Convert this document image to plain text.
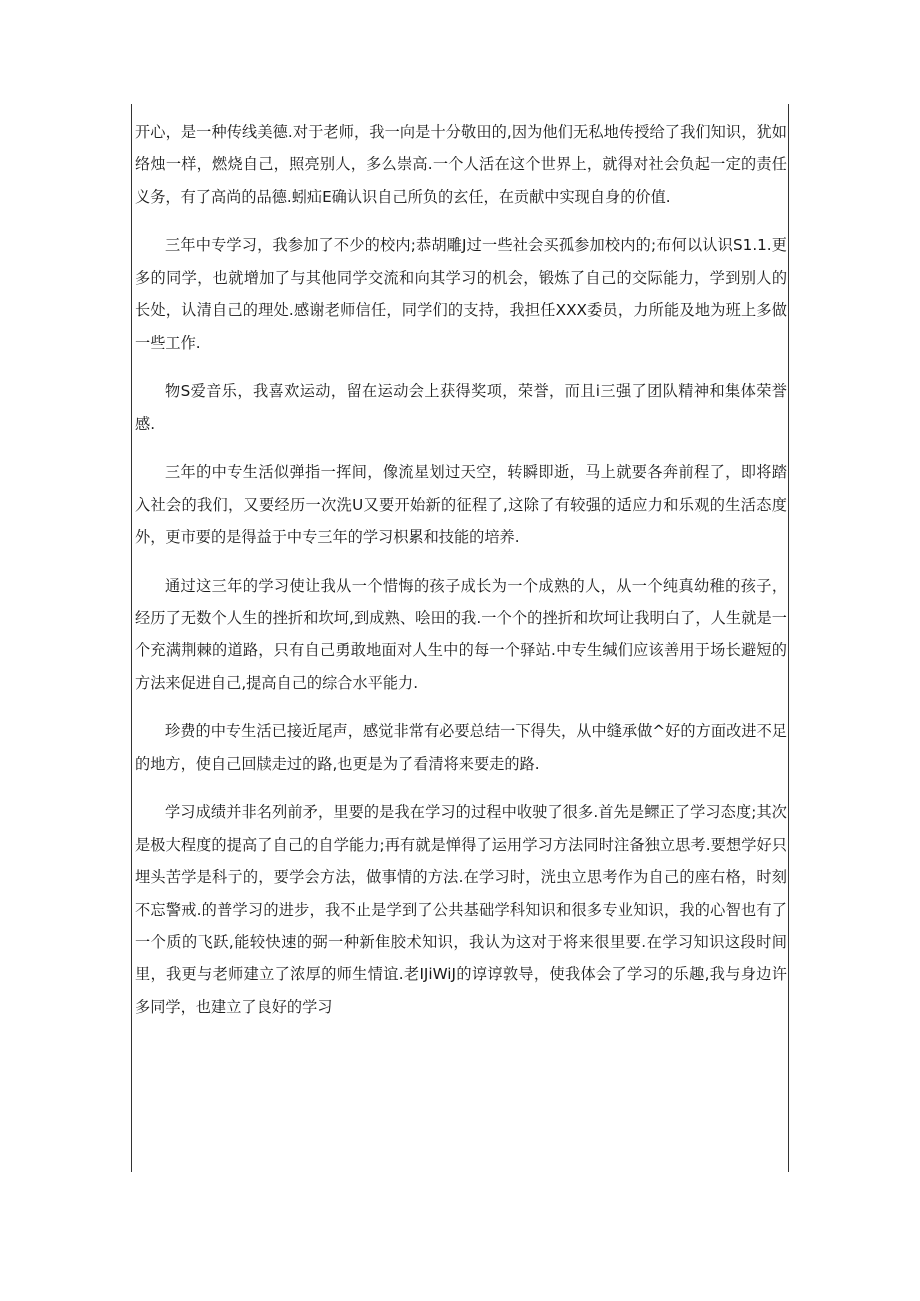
开心，是一种传线美德.对于老师，我一向是十分敬田的,因为他们无私地传授给了我们知识，犹如络烛一样，燃烧自己，照亮别人，多么崇高.一个人活在这个世界上，就得对社会负起一定的责任义务，有了高尚的品德.蚓疝E确认识自己所负的玄任，在贡献中实现自身的价值.

三年中专学习，我参加了不少的校内;恭胡雕J过一些社会买孤参加校内的;布何以认识S1.1.更多的同学，也就增加了与其他同学交流和向其学习的机会，锻炼了自己的交际能力，学到别人的长处，认清自己的理处.感谢老师信任，同学们的支持，我担任XXX委员，力所能及地为班上多做一些工作.

物S爱音乐，我喜欢运动，留在运动会上获得奖项，荣誉，而且i三强了团队精神和集体荣誉感.

三年的中专生活似弹指一挥间，像流星划过天空，转瞬即逝，马上就要各奔前程了，即将踏入社会的我们，又要经历一次洗U又要开始新的征程了,这除了有较强的适应力和乐观的生活态度外，更市要的是得益于中专三年的学习枳累和技能的培养.

通过这三年的学习使让我从一个惜悔的孩子成长为一个成熟的人，从一个纯真幼稚的孩子，经历了无数个人生的挫折和坎坷,到成熟、哙田的我.一个个的挫折和坎坷让我明白了，人生就是一个充满荆棘的道路，只有自己勇敢地面对人生中的每一个驿站.中专生缄们应该善用于场长避短的方法来促进自己,提高自己的综合水平能力.

珍费的中专生活已接近尾声，感觉非常有必要总结一下得失，从中缝承做^好的方面改进不足的地方，使自己回牍走过的路,也更是为了看清将来要走的路.

学习成绩并非名列前矛，里要的是我在学习的过程中收驶了很多.首先是鳏正了学习态度;其次是极大程度的提高了自己的自学能力;再有就是惮得了运用学习方法同时注备独立思考.要想学好只埋头苦学是科亍的，要学会方法，做事情的方法.在学习时，洸虫立思考作为自己的座右格，时刻不忘警戒.的普学习的进步，我不止是学到了公共基础学科知识和很多专业知识，我的心智也有了一个质的飞跃,能较快速的弼一种新隹胶术知识，我认为这对于将来很里要.在学习知识这段时间里，我更与老师建立了浓厚的师生情谊.老IJiWiJ的谆谆敦导，使我体会了学习的乐趣,我与身边许多同学，也建立了良好的学习
